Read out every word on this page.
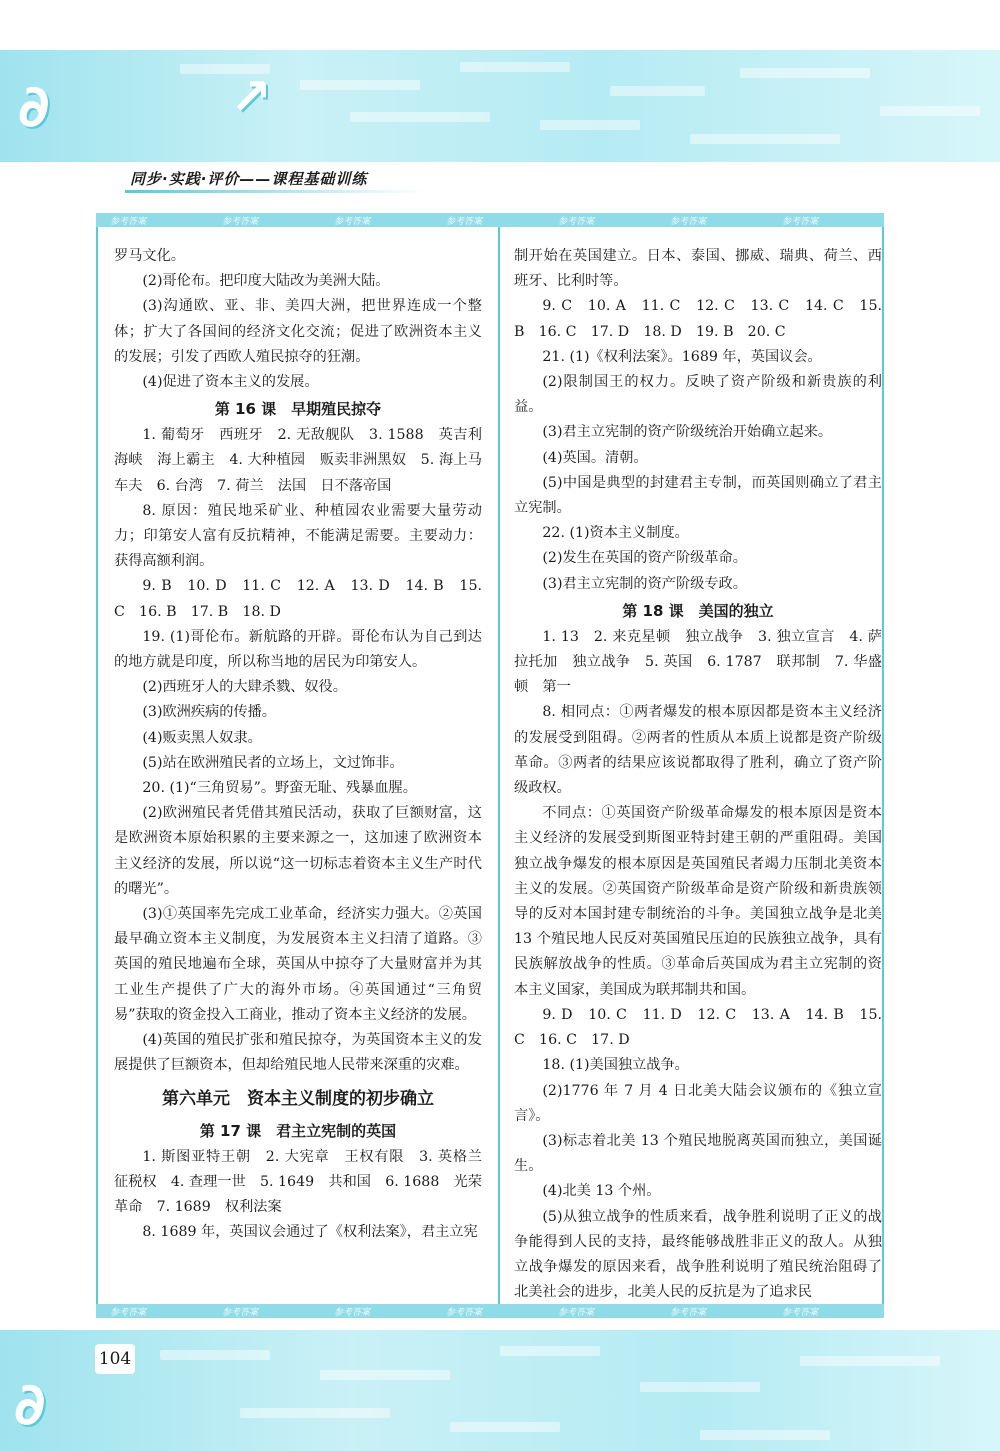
∂	↗
同步·实践·评价——课程基础训练
参考答案	参考答案	参考答案	参考答案	参考答案	参考答案	参考答案
参考答案	参考答案	参考答案	参考答案	参考答案	参考答案	参考答案

罗马文化。

(2)哥伦布。把印度大陆改为美洲大陆。

(3)沟通欧、亚、非、美四大洲，把世界连成一个整体；扩大了各国间的经济文化交流；促进了欧洲资本主义的发展；引发了西欧人殖民掠夺的狂潮。

(4)促进了资本主义的发展。

第 16 课　早期殖民掠夺

1. 葡萄牙　西班牙　2. 无敌舰队　3. 1588　英吉利海峡　海上霸主　4. 大种植园　贩卖非洲黑奴　5. 海上马车夫　6. 台湾　7. 荷兰　法国　日不落帝国

8. 原因：殖民地采矿业、种植园农业需要大量劳动力；印第安人富有反抗精神，不能满足需要。主要动力：获得高额利润。

9. B　10. D　11. C　12. A　13. D　14. B　15. C　16. B　17. B　18. D

19. (1)哥伦布。新航路的开辟。哥伦布认为自己到达的地方就是印度，所以称当地的居民为印第安人。

(2)西班牙人的大肆杀戮、奴役。

(3)欧洲疾病的传播。

(4)贩卖黑人奴隶。

(5)站在欧洲殖民者的立场上，文过饰非。

20. (1)“三角贸易”。野蛮无耻、残暴血腥。

(2)欧洲殖民者凭借其殖民活动，获取了巨额财富，这是欧洲资本原始积累的主要来源之一，这加速了欧洲资本主义经济的发展，所以说“这一切标志着资本主义生产时代的曙光”。

(3)①英国率先完成工业革命，经济实力强大。②英国最早确立资本主义制度，为发展资本主义扫清了道路。③英国的殖民地遍布全球，英国从中掠夺了大量财富并为其工业生产提供了广大的海外市场。④英国通过“三角贸易”获取的资金投入工商业，推动了资本主义经济的发展。

(4)英国的殖民扩张和殖民掠夺，为英国资本主义的发展提供了巨额资本，但却给殖民地人民带来深重的灾难。

第六单元　资本主义制度的初步确立
第 17 课　君主立宪制的英国

1. 斯图亚特王朝　2. 大宪章　王权有限　3. 英格兰　征税权　4. 查理一世　5. 1649　共和国　6. 1688　光荣革命　7. 1689　权利法案

8. 1689 年，英国议会通过了《权利法案》，君主立宪

制开始在英国建立。日本、泰国、挪威、瑞典、荷兰、西班牙、比利时等。

9. C　10. A　11. C　12. C　13. C　14. C　15. B　16. C　17. D　18. D　19. B　20. C

21. (1)《权利法案》。1689 年，英国议会。

(2)限制国王的权力。反映了资产阶级和新贵族的利益。

(3)君主立宪制的资产阶级统治开始确立起来。

(4)英国。清朝。

(5)中国是典型的封建君主专制，而英国则确立了君主立宪制。

22. (1)资本主义制度。

(2)发生在英国的资产阶级革命。

(3)君主立宪制的资产阶级专政。

第 18 课　美国的独立

1. 13　2. 来克星顿　独立战争　3. 独立宣言　4. 萨拉托加　独立战争　5. 英国　6. 1787　联邦制　7. 华盛顿　第一

8. 相同点：①两者爆发的根本原因都是资本主义经济的发展受到阻碍。②两者的性质从本质上说都是资产阶级革命。③两者的结果应该说都取得了胜利，确立了资产阶级政权。

不同点：①英国资产阶级革命爆发的根本原因是资本主义经济的发展受到斯图亚特封建王朝的严重阻碍。美国独立战争爆发的根本原因是英国殖民者竭力压制北美资本主义的发展。②英国资产阶级革命是资产阶级和新贵族领导的反对本国封建专制统治的斗争。美国独立战争是北美 13 个殖民地人民反对英国殖民压迫的民族独立战争，具有民族解放战争的性质。③革命后英国成为君主立宪制的资本主义国家，美国成为联邦制共和国。

9. D　10. C　11. D　12. C　13. A　14. B　15. C　16. C　17. D

18. (1)美国独立战争。

(2)1776 年 7 月 4 日北美大陆会议颁布的《独立宣言》。

(3)标志着北美 13 个殖民地脱离英国而独立，美国诞生。

(4)北美 13 个州。

(5)从独立战争的性质来看，战争胜利说明了正义的战争能得到人民的支持，最终能够战胜非正义的敌人。从独立战争爆发的原因来看，战争胜利说明了殖民统治阻碍了北美社会的进步，北美人民的反抗是为了追求民

∂
104
